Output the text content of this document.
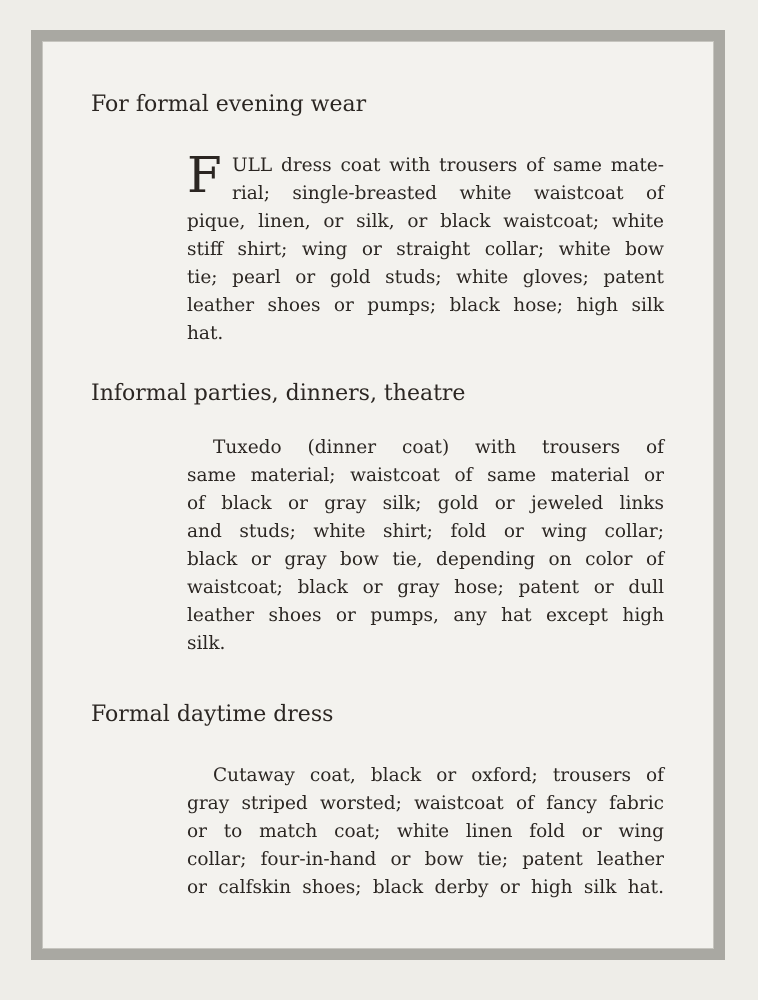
For formal evening wear
F ULL dress coat with trousers of same mate-

rial; single-breasted white waistcoat of

pique, linen, or silk, or black waistcoat; white

stiff shirt; wing or straight collar; white bow

tie; pearl or gold studs; white gloves; patent

leather shoes or pumps; black hose; high silk

hat.

Informal parties, dinners, theatre

Tuxedo (dinner coat) with trousers of

same material; waistcoat of same material or

of black or gray silk; gold or jeweled links

and studs; white shirt; fold or wing collar;

black or gray bow tie, depending on color of

waistcoat; black or gray hose; patent or dull

leather shoes or pumps, any hat except high

silk.

Formal daytime dress

Cutaway coat, black or oxford; trousers of

gray striped worsted; waistcoat of fancy fabric

or to match coat; white linen fold or wing

collar; four-in-hand or bow tie; patent leather

or calfskin shoes; black derby or high silk hat.
